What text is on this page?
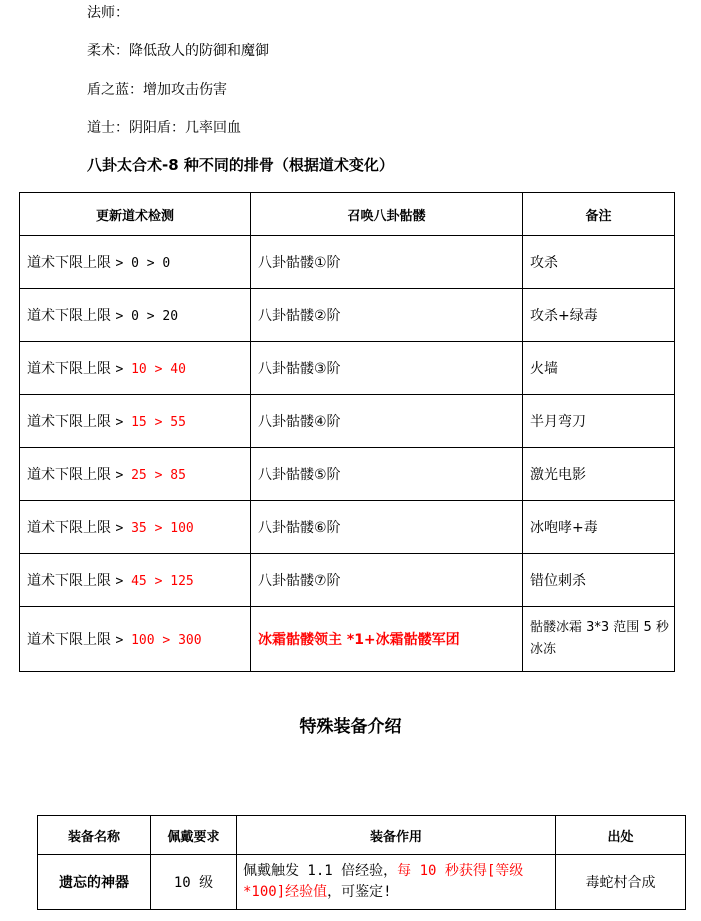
法师：
柔术：降低敌人的防御和魔御
盾之蓝：增加攻击伤害
道士：阴阳盾：几率回血
八卦太合术-8 种不同的排骨（根据道术变化）
更新道术检测	召唤八卦骷髅	备注
道术下限上限 > 0 > 0	八卦骷髅①阶	攻杀
道术下限上限 > 0 > 20	八卦骷髅②阶	攻杀+绿毒
道术下限上限 > 10 > 40	八卦骷髅③阶	火墙
道术下限上限 > 15 > 55	八卦骷髅④阶	半月弯刀
道术下限上限 > 25 > 85	八卦骷髅⑤阶	激光电影
道术下限上限 > 35 > 100	八卦骷髅⑥阶	冰咆哮+毒
道术下限上限 > 45 > 125	八卦骷髅⑦阶	错位刺杀
道术下限上限 > 100 > 300	冰霜骷髅领主 *1+冰霜骷髅军团	骷髅冰霜 3*3 范围 5 秒冰冻
特殊装备介绍
装备名称	佩戴要求	装备作用	出处
遗忘的神器	10 级	佩戴触发 1.1 倍经验，每 10 秒获得[等级*100]经验值，可鉴定!	毒蛇村合成
